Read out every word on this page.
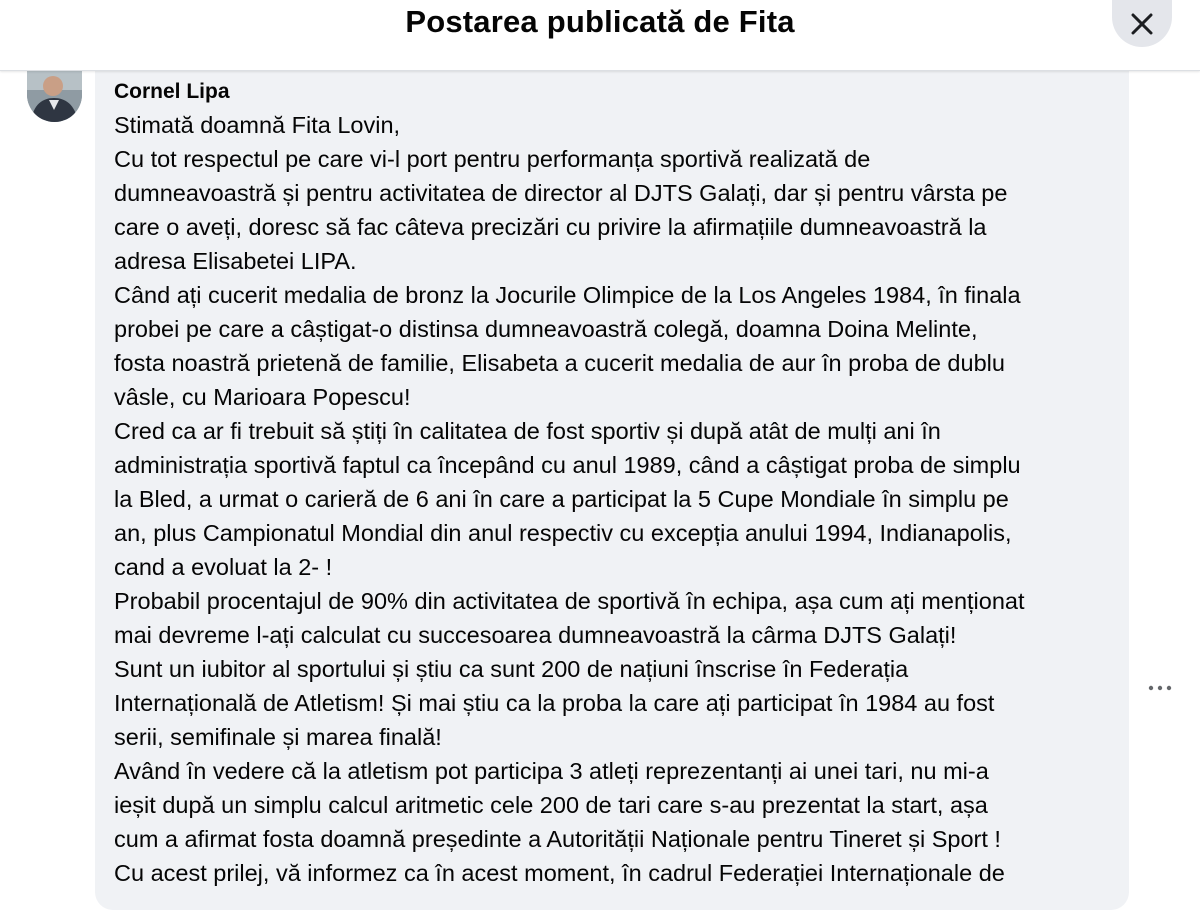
Postarea publicată de Fita
Cornel Lipa
Stimată doamnă Fita Lovin,
Cu tot respectul pe care vi-l port pentru performanța sportivă realizată de
dumneavoastră și pentru activitatea de director al DJTS Galați, dar și pentru vârsta pe
care o aveți, doresc să fac câteva precizări cu privire la afirmațiile dumneavoastră la
adresa Elisabetei LIPA.
Când ați cucerit medalia de bronz la Jocurile Olimpice de la Los Angeles 1984, în finala
probei pe care a câștigat-o distinsa dumneavoastră colegă, doamna Doina Melinte,
fosta noastră prietenă de familie, Elisabeta a cucerit medalia de aur în proba de dublu
vâsle, cu Marioara Popescu!
Cred ca ar fi trebuit să știți în calitatea de fost sportiv și după atât de mulți ani în
administrația sportivă faptul ca începând cu anul 1989, când a câștigat proba de simplu
la Bled, a urmat o carieră de 6 ani în care a participat la 5 Cupe Mondiale în simplu pe
an, plus Campionatul Mondial din anul respectiv cu excepția anului 1994, Indianapolis,
cand a evoluat la 2- !
Probabil procentajul de 90% din activitatea de sportivă în echipa, așa cum ați menționat
mai devreme l-ați calculat cu succesoarea dumneavoastră la cârma DJTS Galați!
Sunt un iubitor al sportului și știu ca sunt 200 de națiuni înscrise în Federația
Internațională de Atletism! Și mai știu ca la proba la care ați participat în 1984 au fost
serii, semifinale și marea finală!
Având în vedere că la atletism pot participa 3 atleți reprezentanți ai unei tari, nu mi-a
ieșit după un simplu calcul aritmetic cele 200 de tari care s-au prezentat la start, așa
cum a afirmat fosta doamnă președinte a Autorității Naționale pentru Tineret și Sport !
Cu acest prilej, vă informez ca în acest moment, în cadrul Federației Internaționale de
